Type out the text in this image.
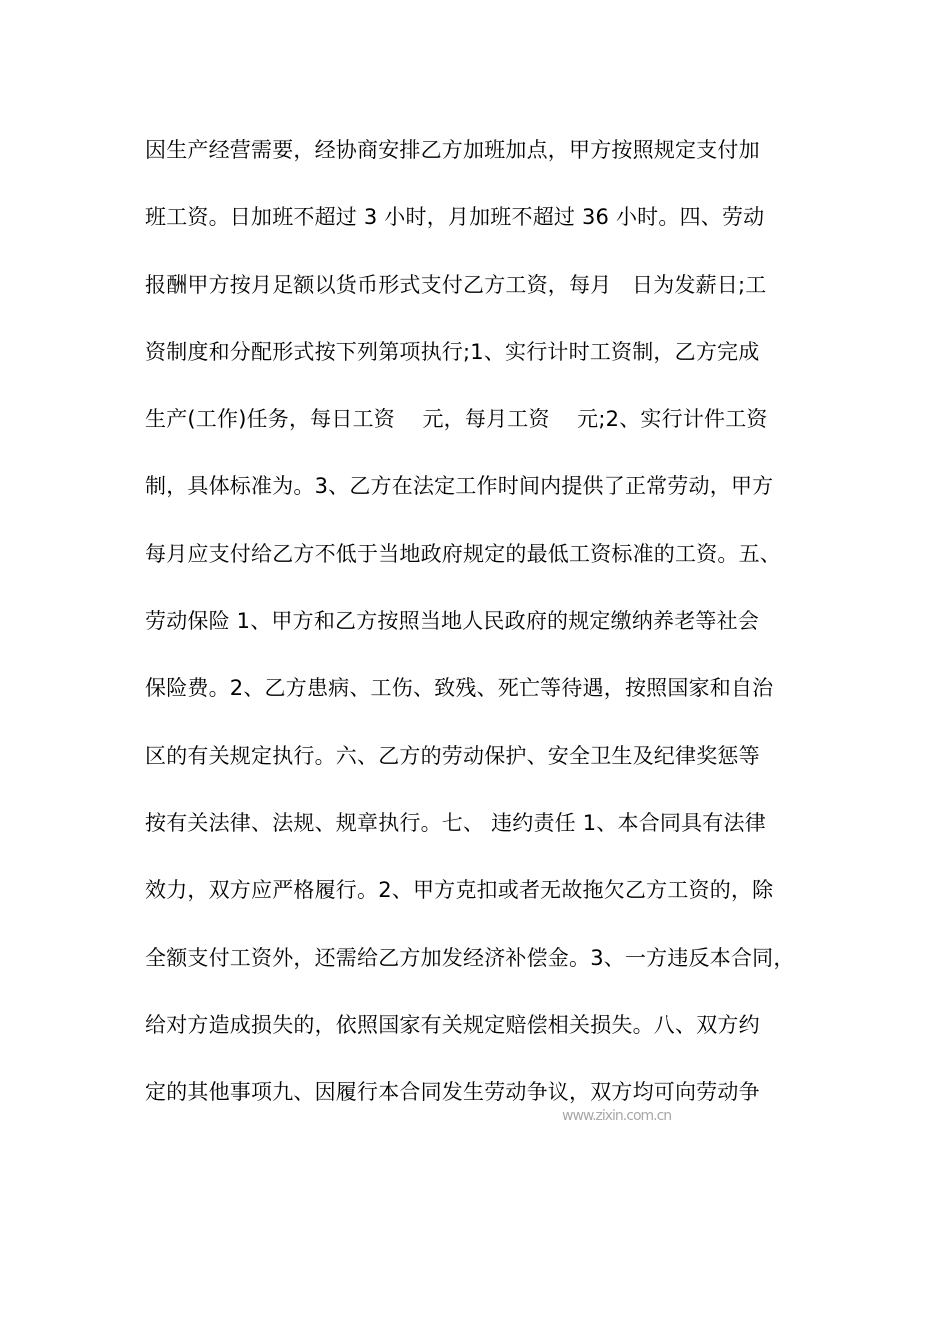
因生产经营需要，经协商安排乙方加班加点，甲方按照规定支付加
班工资。日加班不超过 3 小时，月加班不超过 36 小时。四、劳动
报酬甲方按月足额以货币形式支付乙方工资，每月   日为发薪日;工
资制度和分配形式按下列第项执行;1、实行计时工资制，乙方完成
生产(工作)任务，每日工资    元，每月工资    元;2、实行计件工资
制，具体标准为。3、乙方在法定工作时间内提供了正常劳动，甲方
每月应支付给乙方不低于当地政府规定的最低工资标准的工资。五、
劳动保险 1、甲方和乙方按照当地人民政府的规定缴纳养老等社会
保险费。2、乙方患病、工伤、致残、死亡等待遇，按照国家和自治
区的有关规定执行。六、乙方的劳动保护、安全卫生及纪律奖惩等
按有关法律、法规、规章执行。七、 违约责任 1、本合同具有法律
效力，双方应严格履行。2、甲方克扣或者无故拖欠乙方工资的，除
全额支付工资外，还需给乙方加发经济补偿金。3、一方违反本合同，
给对方造成损失的，依照国家有关规定赔偿相关损失。八、双方约
定的其他事项九、因履行本合同发生劳动争议，双方均可向劳动争
www.zixin.com.cn
